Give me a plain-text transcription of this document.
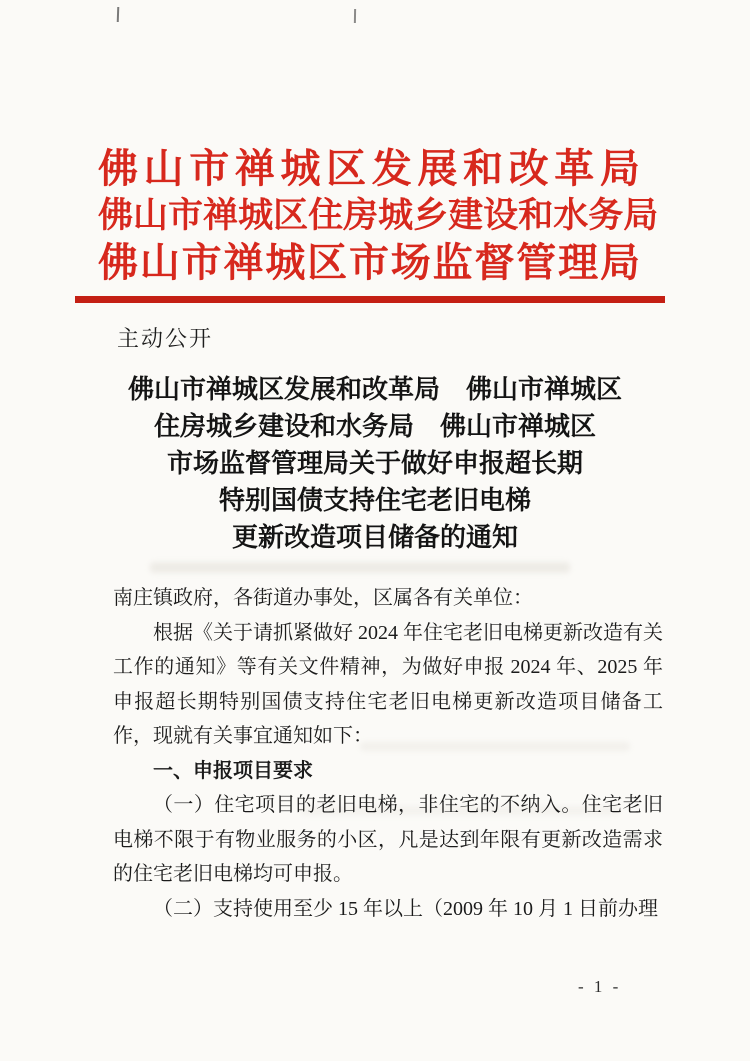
佛 山 市 禅 城 区 发 展 和 改 革 局
佛 山 市 禅 城 区 住 房 城 乡 建 设 和 水 务 局
佛 山 市 禅 城 区 市 场 监 督 管 理 局
主动公开
佛山市禅城区发展和改革局　佛山市禅城区
住房城乡建设和水务局　佛山市禅城区
市场监督管理局关于做好申报超长期
特别国债支持住宅老旧电梯
更新改造项目储备的通知

南庄镇政府，各街道办事处，区属各有关单位：

根据《关于请抓紧做好 2024 年住宅老旧电梯更新改造有关工作的通知》等有关文件精神，为做好申报 2024 年、2025 年申报超长期特别国债支持住宅老旧电梯更新改造项目储备工作，现就有关事宜通知如下：

一、申报项目要求

（一）住宅项目的老旧电梯，非住宅的不纳入。住宅老旧电梯不限于有物业服务的小区，凡是达到年限有更新改造需求的住宅老旧电梯均可申报。

（二）支持使用至少 15 年以上（2009 年 10 月 1 日前办理

- 1 -
